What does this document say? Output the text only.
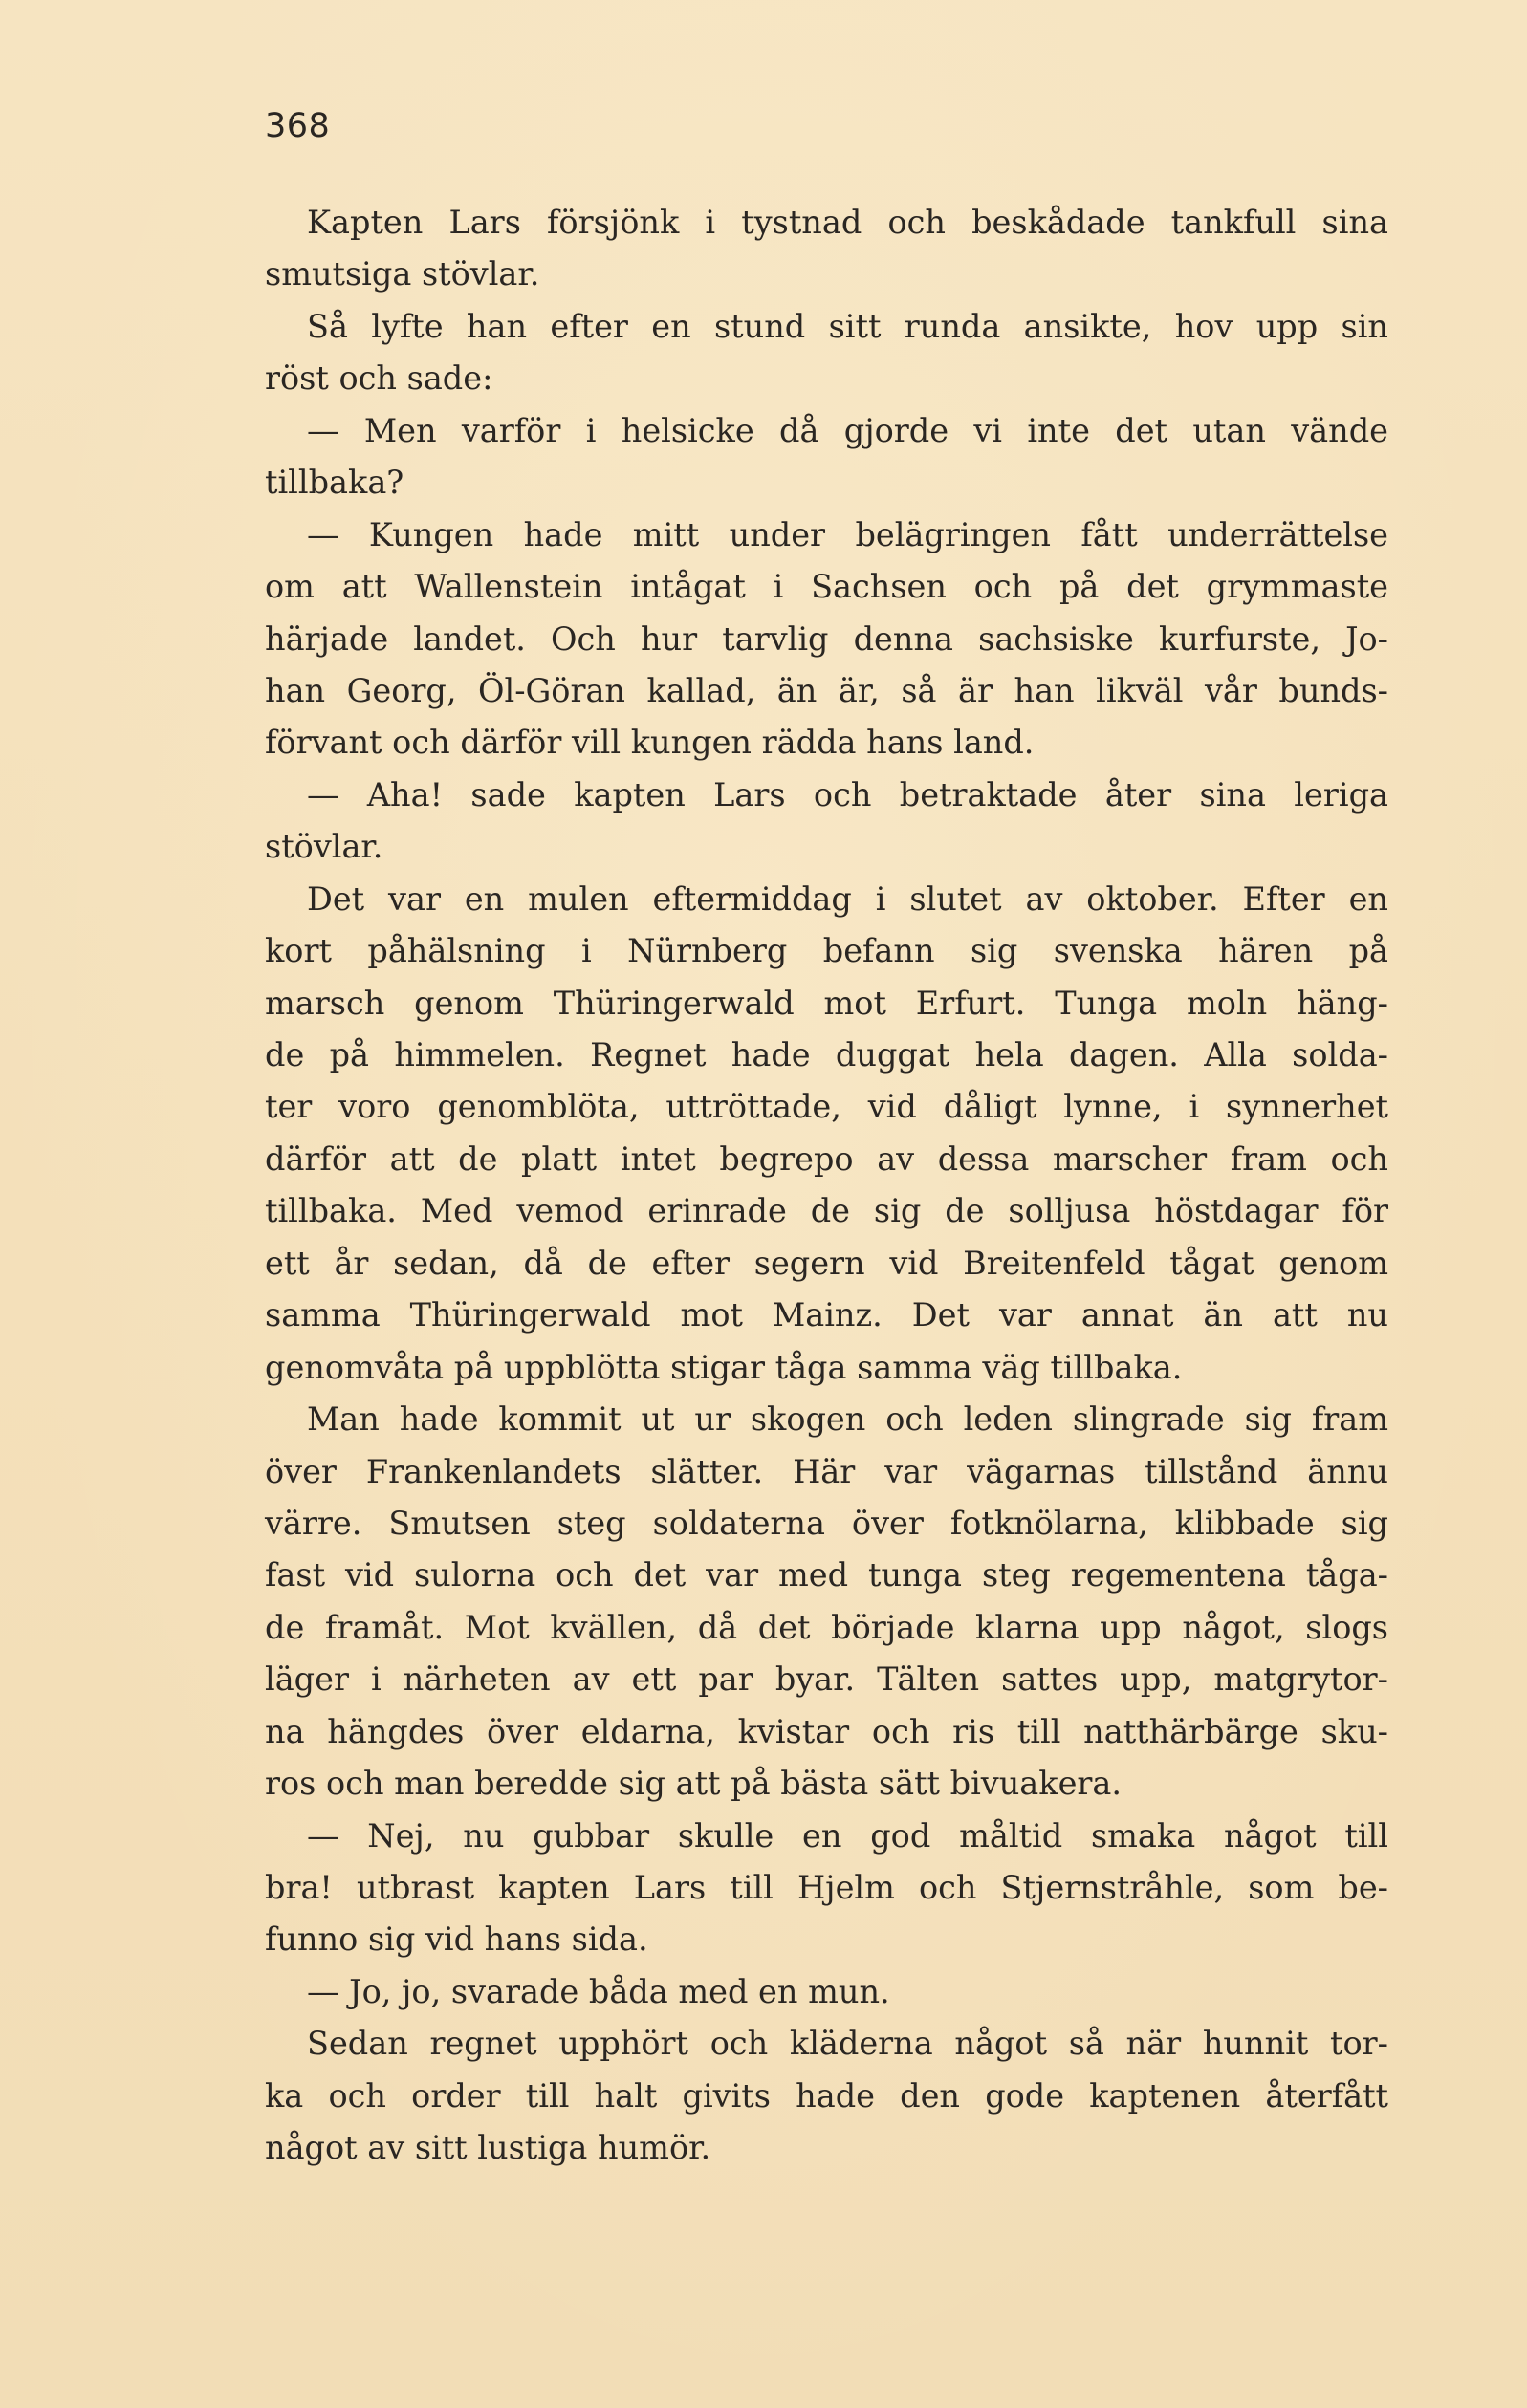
368

Kapten Lars försjönk i tystnad och beskådade tankfull sina

smutsiga stövlar.

Så lyfte han efter en stund sitt runda ansikte, hov upp sin

röst och sade:

— Men varför i helsicke då gjorde vi inte det utan vände

tillbaka?

— Kungen hade mitt under belägringen fått underrättelse

om att Wallenstein intågat i Sachsen och på det grymmaste

härjade landet. Och hur tarvlig denna sachsiske kurfurste, Jo-

han Georg, Öl-Göran kallad, än är, så är han likväl vår bunds-

förvant och därför vill kungen rädda hans land.

— Aha! sade kapten Lars och betraktade åter sina leriga

stövlar.

Det var en mulen eftermiddag i slutet av oktober. Efter en

kort påhälsning i Nürnberg befann sig svenska hären på

marsch genom Thüringerwald mot Erfurt. Tunga moln häng-

de på himmelen. Regnet hade duggat hela dagen. Alla solda-

ter voro genomblöta, uttröttade, vid dåligt lynne, i synnerhet

därför att de platt intet begrepo av dessa marscher fram och

tillbaka. Med vemod erinrade de sig de solljusa höstdagar för

ett år sedan, då de efter segern vid Breitenfeld tågat genom

samma Thüringerwald mot Mainz. Det var annat än att nu

genomvåta på uppblötta stigar tåga samma väg tillbaka.

Man hade kommit ut ur skogen och leden slingrade sig fram

över Frankenlandets slätter. Här var vägarnas tillstånd ännu

värre. Smutsen steg soldaterna över fotknölarna, klibbade sig

fast vid sulorna och det var med tunga steg regementena tåga-

de framåt. Mot kvällen, då det började klarna upp något, slogs

läger i närheten av ett par byar. Tälten sattes upp, matgrytor-

na hängdes över eldarna, kvistar och ris till natthärbärge sku-

ros och man beredde sig att på bästa sätt bivuakera.

— Nej, nu gubbar skulle en god måltid smaka något till

bra! utbrast kapten Lars till Hjelm och Stjernstråhle, som be-

funno sig vid hans sida.

— Jo, jo, svarade båda med en mun.

Sedan regnet upphört och kläderna något så när hunnit tor-

ka och order till halt givits hade den gode kaptenen återfått

något av sitt lustiga humör.
